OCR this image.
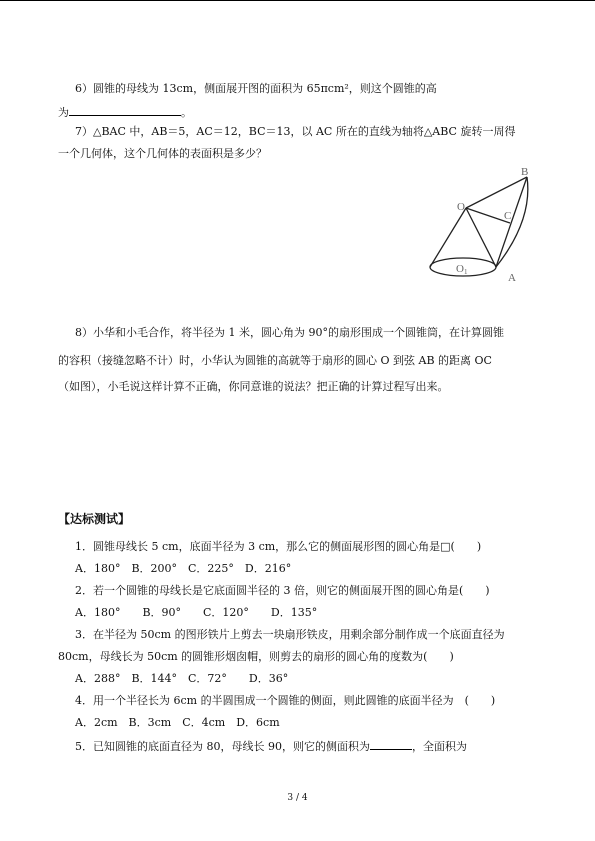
6）圆锥的母线为 13cm，侧面展开图的面积为 65πcm²，则这个圆锥的高
为	。
7）△BAC 中，AB＝5，AC＝12，BC＝13，以 AC 所在的直线为轴将△ABC 旋转一周得
一个几何体，这个几何体的表面积是多少？
B
O
C
O1	A
8）小华和小毛合作，将半径为 1 米，圆心角为 90°的扇形围成一个圆锥筒，在计算圆锥
的容积（接缝忽略不计）时，小华认为圆锥的高就等于扇形的圆心 O 到弦 AB 的距离 OC
（如图），小毛说这样计算不正确，你同意谁的说法？把正确的计算过程写出来。
【达标测试】
1．圆锥母线长 5 cm，底面半径为 3 cm，那么它的侧面展形图的圆心角是□(　　)
A．180°　B．200°　C．225°　D．216°
2．若一个圆锥的母线长是它底面圆半径的 3 倍，则它的侧面展开图的圆心角是(　　)
A．180°　　B．90°　　C．120°　　D．135°
3．在半径为 50cm 的图形铁片上剪去一块扇形铁皮，用剩余部分制作成一个底面直径为
80cm，母线长为 50cm 的圆锥形烟囱帽，则剪去的扇形的圆心角的度数为(　　)
A．288°　B．144°　C．72°　　D．36°
4．用一个半径长为 6cm 的半圆围成一个圆锥的侧面，则此圆锥的底面半径为　(　　)
A．2cm　B．3cm　C．4cm　D．6cm
5．已知圆锥的底面直径为 80，母线长 90，则它的侧面积为	，全面积为
3 / 4
